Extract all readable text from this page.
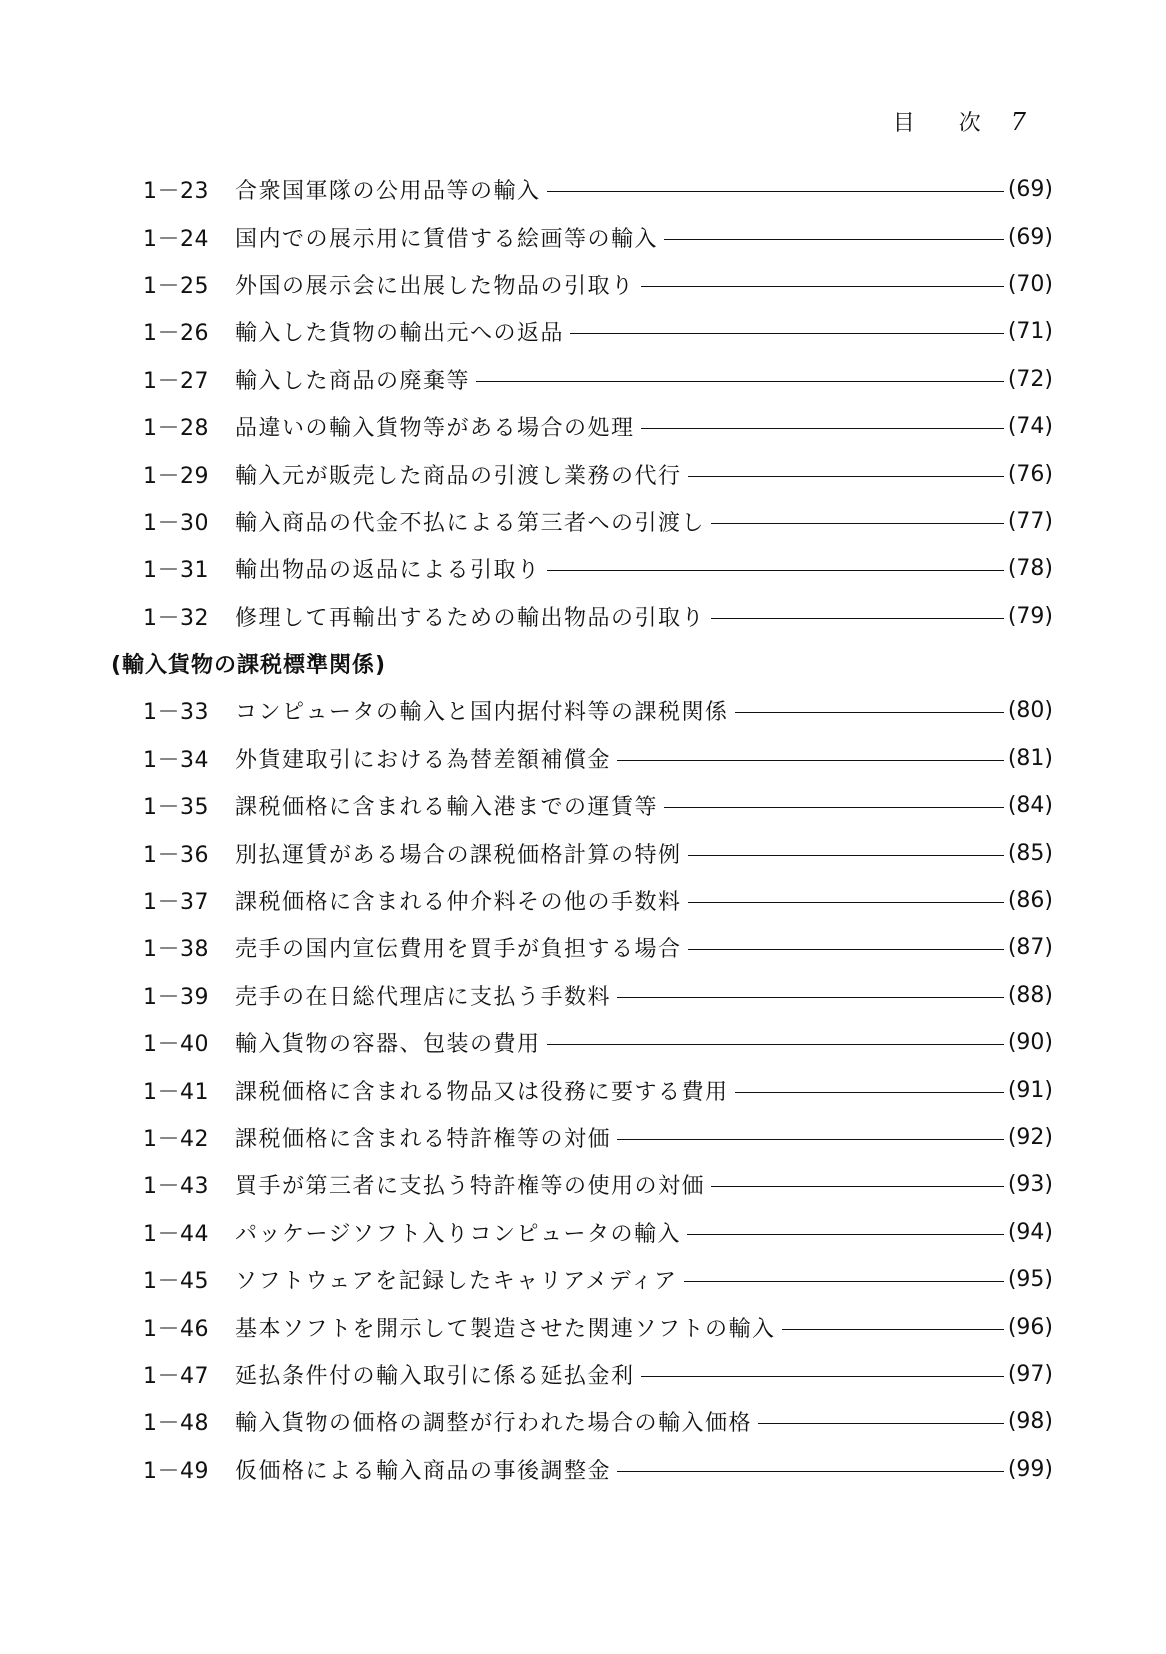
目 次 7
1－23	合衆国軍隊の公用品等の輸入	(69)
1－24	国内での展示用に賃借する絵画等の輸入	(69)
1－25	外国の展示会に出展した物品の引取り	(70)
1－26	輸入した貨物の輸出元への返品	(71)
1－27	輸入した商品の廃棄等	(72)
1－28	品違いの輸入貨物等がある場合の処理	(74)
1－29	輸入元が販売した商品の引渡し業務の代行	(76)
1－30	輸入商品の代金不払による第三者への引渡し	(77)
1－31	輸出物品の返品による引取り	(78)
1－32	修理して再輸出するための輸出物品の引取り	(79)
(輸入貨物の課税標準関係)
1－33	コンピュータの輸入と国内据付料等の課税関係	(80)
1－34	外貨建取引における為替差額補償金	(81)
1－35	課税価格に含まれる輸入港までの運賃等	(84)
1－36	別払運賃がある場合の課税価格計算の特例	(85)
1－37	課税価格に含まれる仲介料その他の手数料	(86)
1－38	売手の国内宣伝費用を買手が負担する場合	(87)
1－39	売手の在日総代理店に支払う手数料	(88)
1－40	輸入貨物の容器、包装の費用	(90)
1－41	課税価格に含まれる物品又は役務に要する費用	(91)
1－42	課税価格に含まれる特許権等の対価	(92)
1－43	買手が第三者に支払う特許権等の使用の対価	(93)
1－44	パッケージソフト入りコンピュータの輸入	(94)
1－45	ソフトウェアを記録したキャリアメディア	(95)
1－46	基本ソフトを開示して製造させた関連ソフトの輸入	(96)
1－47	延払条件付の輸入取引に係る延払金利	(97)
1－48	輸入貨物の価格の調整が行われた場合の輸入価格	(98)
1－49	仮価格による輸入商品の事後調整金	(99)
